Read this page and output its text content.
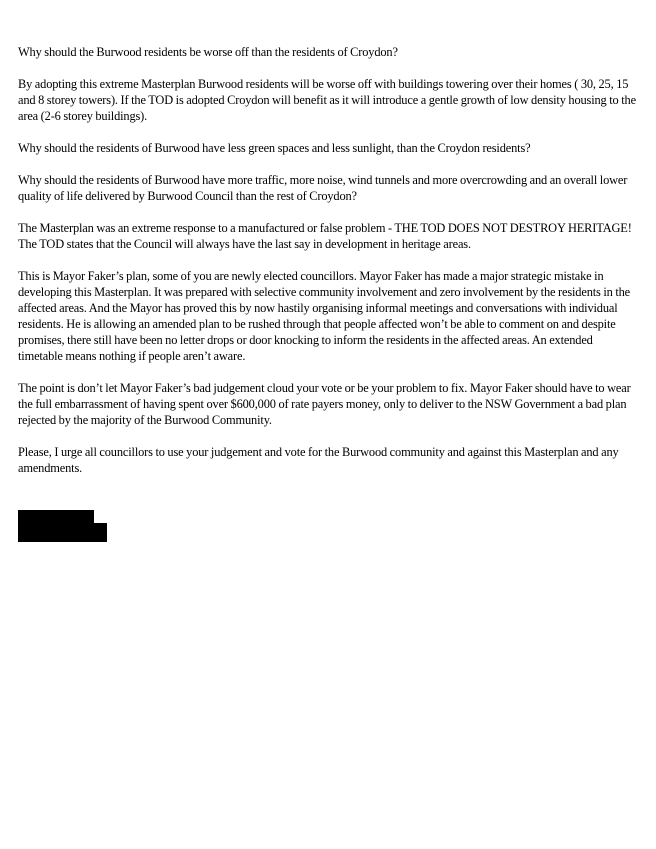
Why should the Burwood residents be worse off than the residents of Croydon?

By adopting this extreme Masterplan Burwood residents will be worse off with buildings towering over their homes ( 30, 25, 15 and 8 storey towers). If the TOD is adopted Croydon will benefit as it will introduce a gentle growth of low density housing to the area (2-6 storey buildings).

Why should the residents of Burwood have less green spaces and less sunlight, than the Croydon residents?

Why should the residents of Burwood have more traffic, more noise, wind tunnels and more overcrowding and an overall lower quality of life delivered by Burwood Council than the rest of Croydon?

The Masterplan was an extreme response to a manufactured or false problem - THE TOD DOES NOT DESTROY HERITAGE! The TOD states that the Council will always have the last say in development in heritage areas.

This is Mayor Faker’s plan, some of you are newly elected councillors. Mayor Faker has made a major strategic mistake in developing this Masterplan. It was prepared with selective community involvement and zero involvement by the residents in the affected areas. And the Mayor has proved this by now hastily organising informal meetings and conversations with individual residents. He is allowing an amended plan to be rushed through that people affected won’t be able to comment on and despite promises, there still have been no letter drops or door knocking to inform the residents in the affected areas. An extended timetable means nothing if people aren’t aware.

The point is don’t let Mayor Faker’s bad judgement cloud your vote or be your problem to fix. Mayor Faker should have to wear the full embarrassment of having spent over $600,000 of rate payers money, only to deliver to the NSW Government a bad plan rejected by the majority of the Burwood Community.

Please, I urge all councillors to use your judgement and vote for the Burwood community and against this Masterplan and any amendments.
